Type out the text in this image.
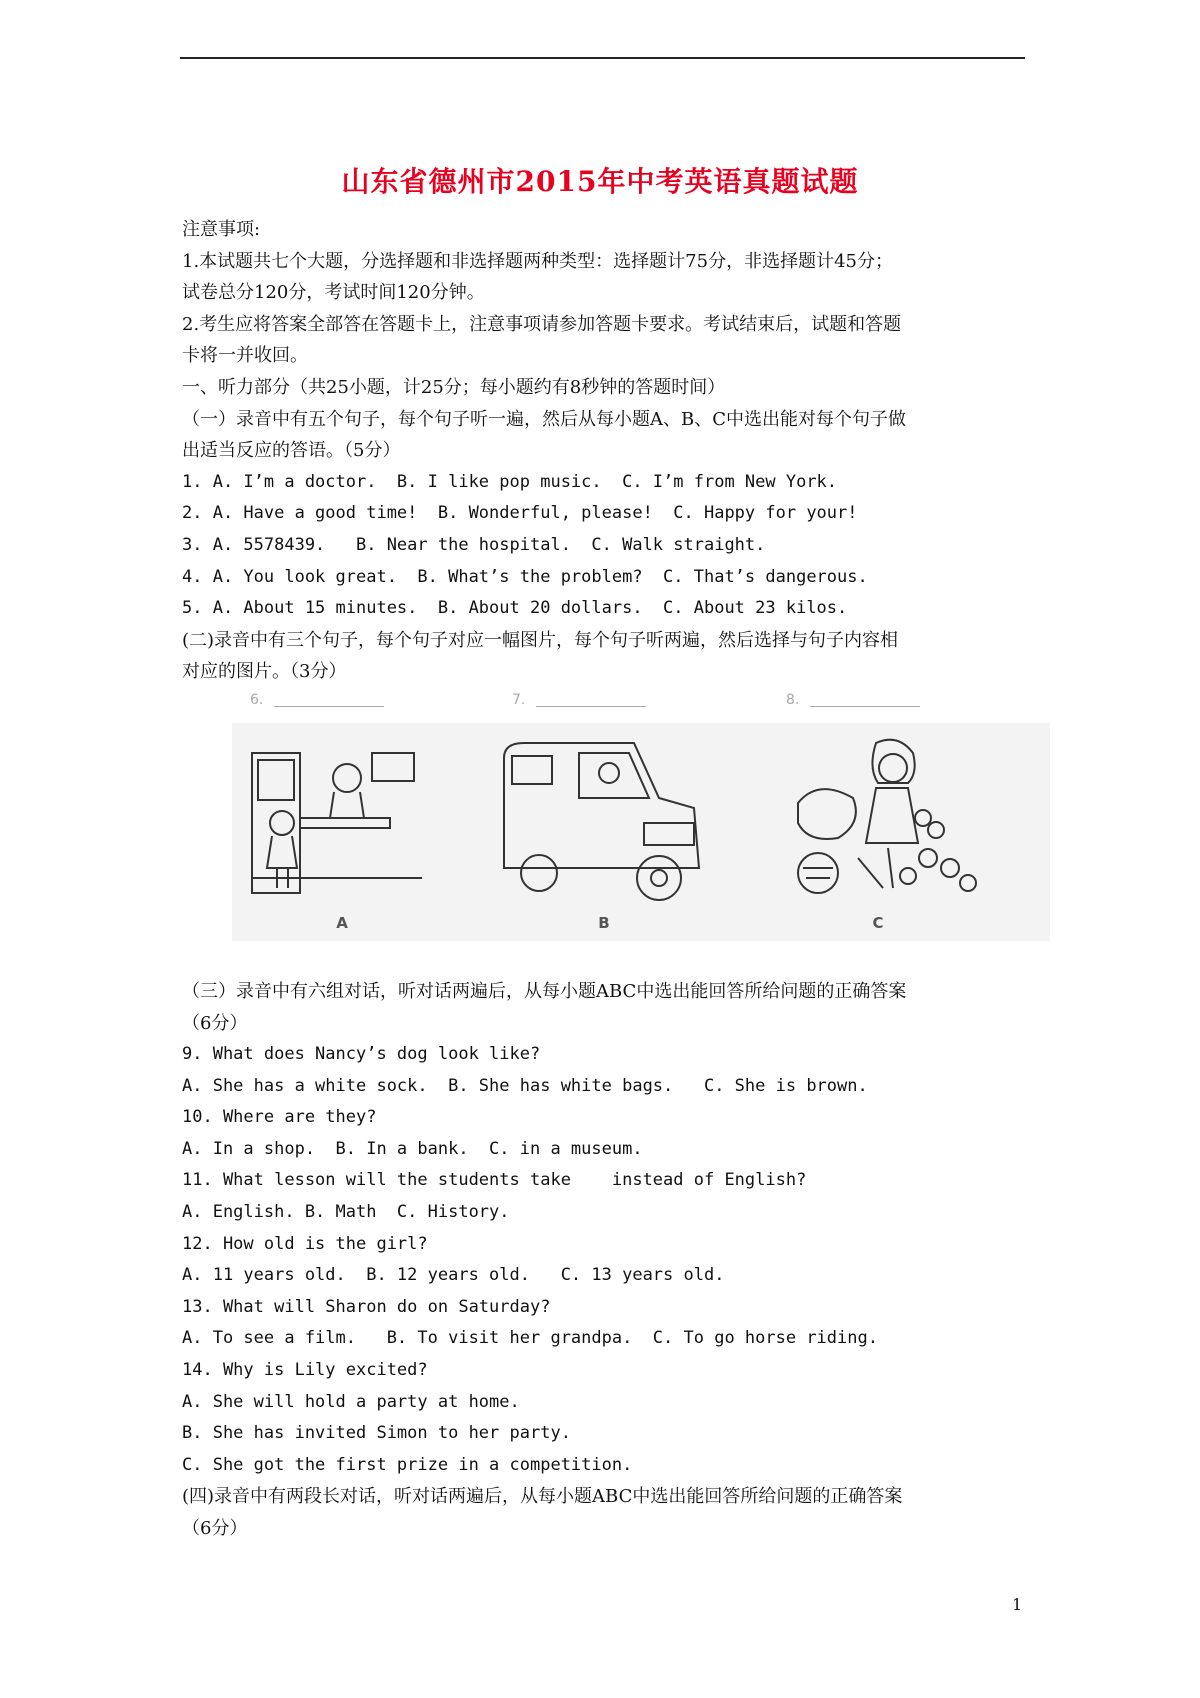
山东省德州市2015年中考英语真题试题
注意事项:
1.本试题共七个大题，分选择题和非选择题两种类型：选择题计75分，非选择题计45分；
试卷总分120分，考试时间120分钟。
2.考生应将答案全部答在答题卡上，注意事项请参加答题卡要求。考试结束后，试题和答题
卡将一并收回。
一、听力部分（共25小题，计25分；每小题约有8秒钟的答题时间）
（一）录音中有五个句子，每个句子听一遍，然后从每小题A、B、C中选出能对每个句子做
出适当反应的答语。（5分）
1. A. I’m a doctor.  B. I like pop music.  C. I’m from New York.
2. A. Have a good time!  B. Wonderful, please!  C. Happy for your!
3. A. 5578439.   B. Near the hospital.  C. Walk straight.
4. A. You look great.  B. What’s the problem?  C. That’s dangerous.
5. A. About 15 minutes.  B. About 20 dollars.  C. About 23 kilos.
(二)录音中有三个句子，每个句子对应一幅图片，每个句子听两遍，然后选择与句子内容相
对应的图片。（3分）
6.
A
7.
B
8.
C
（三）录音中有六组对话，听对话两遍后，从每小题ABC中选出能回答所给问题的正确答案
（6分）
9. What does Nancy’s dog look like?
A. She has a white sock.  B. She has white bags.   C. She is brown.
10. Where are they?
A. In a shop.  B. In a bank.  C. in a museum.
11. What lesson will the students take    instead of English?
A. English. B. Math  C. History.
12. How old is the girl?
A. 11 years old.  B. 12 years old.   C. 13 years old.
13. What will Sharon do on Saturday?
A. To see a film.   B. To visit her grandpa.  C. To go horse riding.
14. Why is Lily excited?
A. She will hold a party at home.
B. She has invited Simon to her party.
C. She got the first prize in a competition.
(四)录音中有两段长对话，听对话两遍后，从每小题ABC中选出能回答所给问题的正确答案
（6分）
1
